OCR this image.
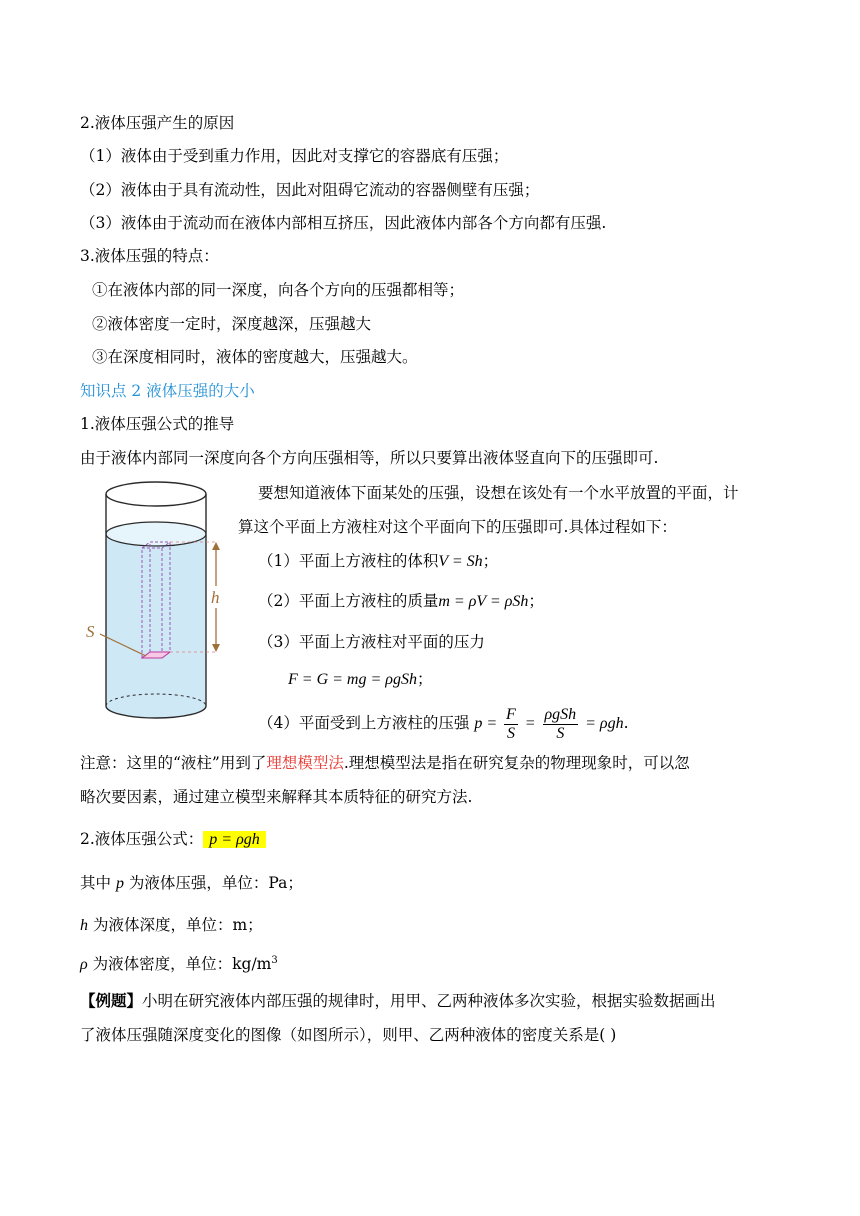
2.液体压强产生的原因
（1）液体由于受到重力作用，因此对支撑它的容器底有压强；
（2）液体由于具有流动性，因此对阻碍它流动的容器侧壁有压强；
（3）液体由于流动而在液体内部相互挤压，因此液体内部各个方向都有压强.
3.液体压强的特点：
①在液体内部的同一深度，向各个方向的压强都相等；
②液体密度一定时，深度越深，压强越大
③在深度相同时，液体的密度越大，压强越大。
知识点 2 液体压强的大小
1.液体压强公式的推导
由于液体内部同一深度向各个方向压强相等，所以只要算出液体竖直向下的压强即可.
h
S
要想知道液体下面某处的压强，设想在该处有一个水平放置的平面，计
算这个平面上方液柱对这个平面向下的压强即可.具体过程如下：
（1）平面上方液柱的体积V = Sh；
（2）平面上方液柱的质量m = ρV = ρSh；
（3）平面上方液柱对平面的压力
F = G = mg = ρgSh；
（4）平面受到上方液柱的压强 $p = \frac{F}{S} = \frac{\text{ρgSh}}{S} = \rho gh$.
注意：这里的“液柱”用到了理想模型法.理想模型法是指在研究复杂的物理现象时，可以忽
略次要因素，通过建立模型来解释其本质特征的研究方法.
2.液体压强公式： p = ρgh
其中 p 为液体压强，单位：Pa；
h 为液体深度，单位：m；
ρ 为液体密度，单位：$kg/m^3$
【例题】小明在研究液体内部压强的规律时，用甲、乙两种液体多次实验，根据实验数据画出
了液体压强随深度变化的图像（如图所示），则甲、乙两种液体的密度关系是( )
